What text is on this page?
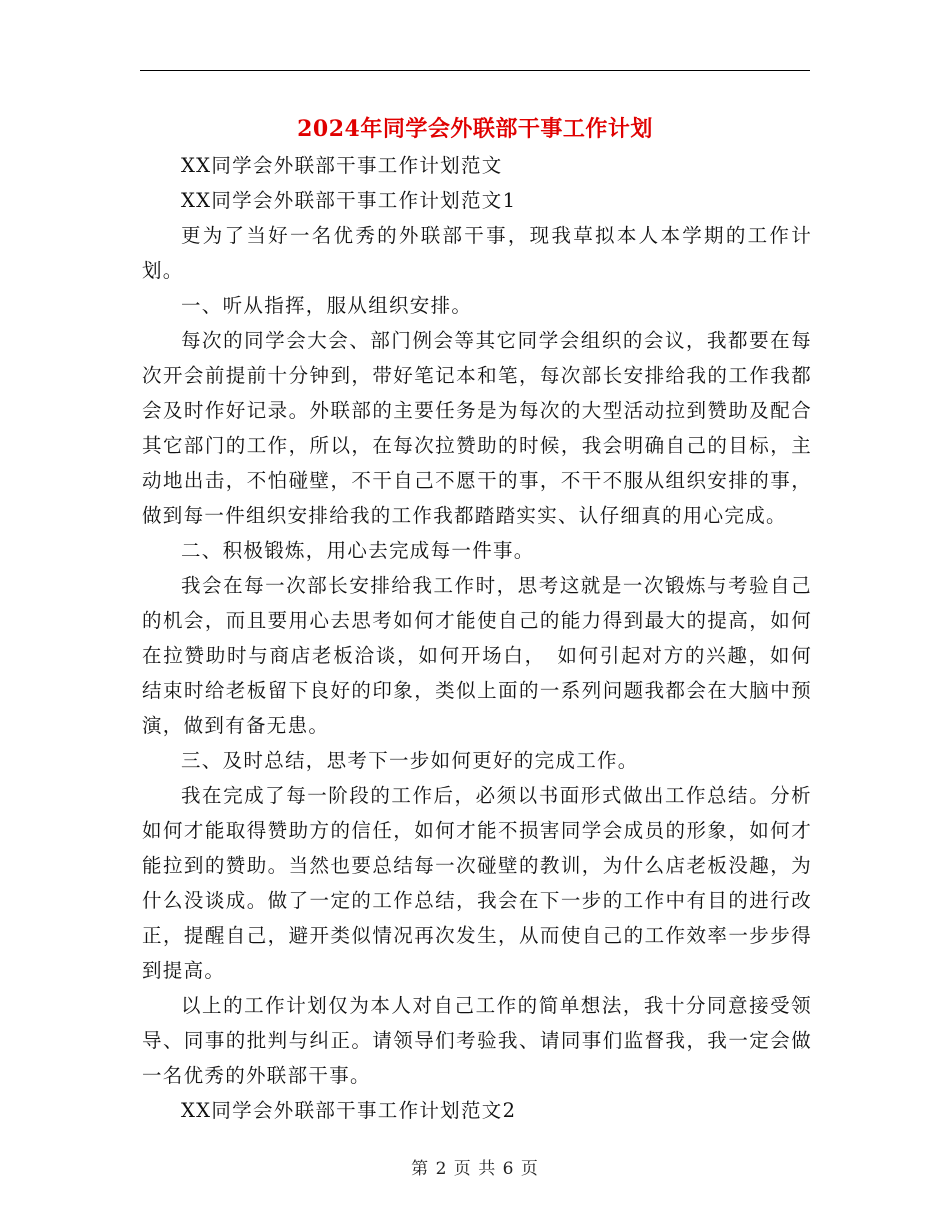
2024年同学会外联部干事工作计划

XX同学会外联部干事工作计划范文

XX同学会外联部干事工作计划范文1

更为了当好一名优秀的外联部干事，现我草拟本人本学期的工作计划。

一、听从指挥，服从组织安排。

每次的同学会大会、部门例会等其它同学会组织的会议，我都要在每次开会前提前十分钟到，带好笔记本和笔，每次部长安排给我的工作我都会及时作好记录。外联部的主要任务是为每次的大型活动拉到赞助及配合其它部门的工作，所以，在每次拉赞助的时候，我会明确自己的目标，主动地出击，不怕碰壁，不干自己不愿干的事，不干不服从组织安排的事，做到每一件组织安排给我的工作我都踏踏实实、认仔细真的用心完成。

二、积极锻炼，用心去完成每一件事。

我会在每一次部长安排给我工作时，思考这就是一次锻炼与考验自己的机会，而且要用心去思考如何才能使自己的能力得到最大的提高，如何在拉赞助时与商店老板洽谈，如何开场白，　如何引起对方的兴趣，如何结束时给老板留下良好的印象，类似上面的一系列问题我都会在大脑中预演，做到有备无患。

三、及时总结，思考下一步如何更好的完成工作。

我在完成了每一阶段的工作后，必须以书面形式做出工作总结。分析如何才能取得赞助方的信任，如何才能不损害同学会成员的形象，如何才能拉到的赞助。当然也要总结每一次碰壁的教训，为什么店老板没趣，为什么没谈成。做了一定的工作总结，我会在下一步的工作中有目的进行改正，提醒自己，避开类似情况再次发生，从而使自己的工作效率一步步得到提高。

以上的工作计划仅为本人对自己工作的简单想法，我十分同意接受领导、同事的批判与纠正。请领导们考验我、请同事们监督我，我一定会做一名优秀的外联部干事。

XX同学会外联部干事工作计划范文2

第 2 页 共 6 页
